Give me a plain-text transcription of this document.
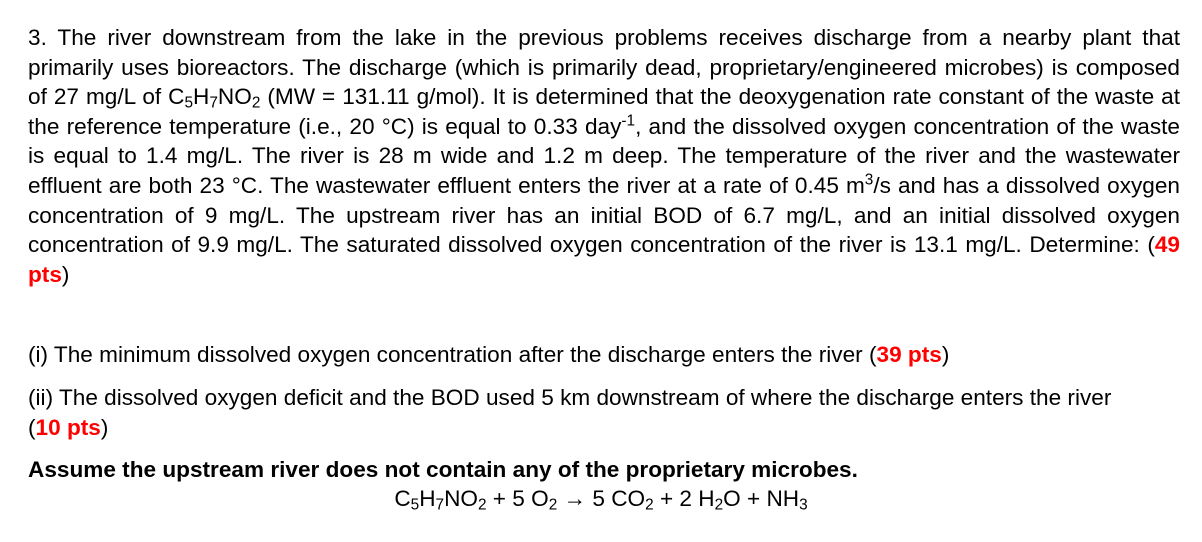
3. The river downstream from the lake in the previous problems receives discharge from a nearby plant that primarily uses bioreactors. The discharge (which is primarily dead, proprietary/engineered microbes) is composed of 27 mg/L of $C_5H_7NO_2$ (MW = 131.11 g/mol). It is determined that the deoxygenation rate constant of the waste at the reference temperature (i.e., 20 °C) is equal to 0.33 day$^{-1}$, and the dissolved oxygen concentration of the waste is equal to 1.4 mg/L. The river is 28 m wide and 1.2 m deep. The temperature of the river and the wastewater effluent are both 23 °C. The wastewater effluent enters the river at a rate of 0.45 $m^3/s$ and has a dissolved oxygen concentration of 9 mg/L. The upstream river has an initial BOD of 6.7 mg/L, and an initial dissolved oxygen concentration of 9.9 mg/L. The saturated dissolved oxygen concentration of the river is 13.1 mg/L. Determine: (49 pts)
(i) The minimum dissolved oxygen concentration after the discharge enters the river (39 pts)
(ii) The dissolved oxygen deficit and the BOD used 5 km downstream of where the discharge enters the river (10 pts)
Assume the upstream river does not contain any of the proprietary microbes.
$C_5H_7NO_2 + 5$ $O_2 \to 5$ $CO_2 + 2$ $H_2O + NH_3$
